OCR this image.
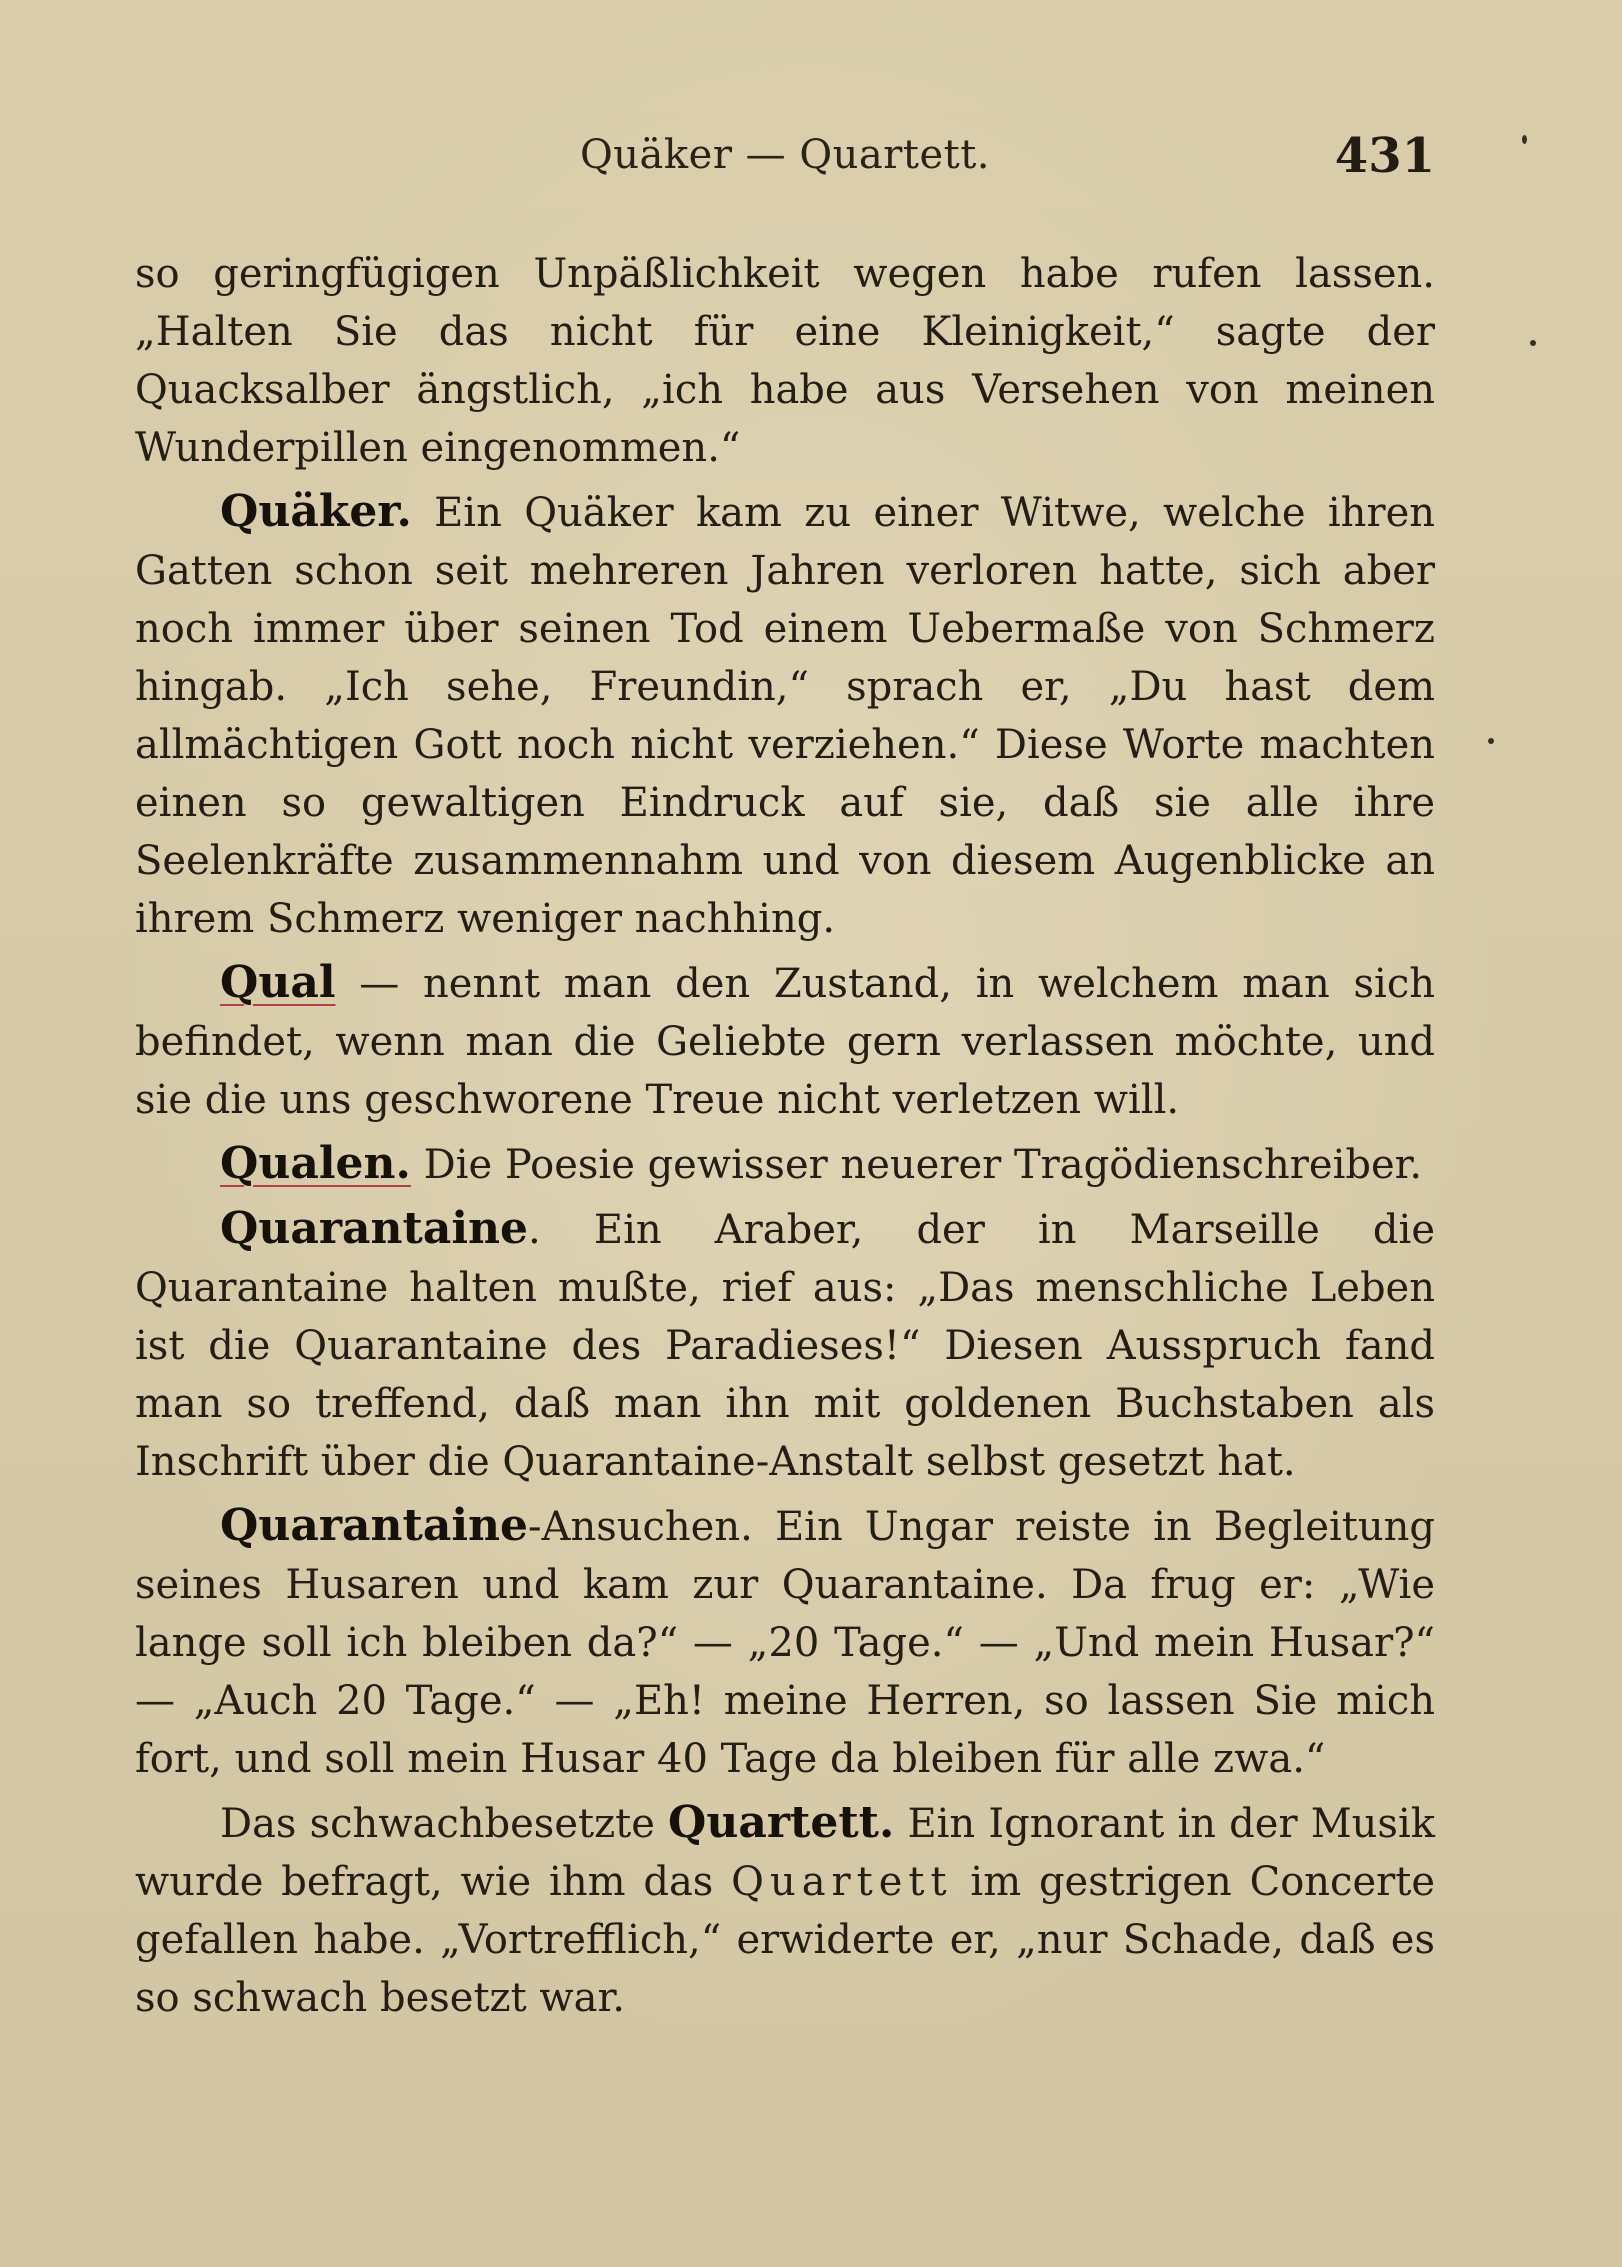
Quäker — Quartett.	431

so geringfügigen Unpäßlichkeit wegen habe rufen lassen. „Halten Sie das nicht für eine Kleinigkeit,“ sagte der Quacksalber ängstlich, „ich habe aus Versehen von meinen Wunderpillen eingenommen.“

Quäker. Ein Quäker kam zu einer Witwe, welche ihren Gatten schon seit mehreren Jahren verloren hatte, sich aber noch immer über seinen Tod einem Uebermaße von Schmerz hingab. „Ich sehe, Freundin,“ sprach er, „Du hast dem allmächtigen Gott noch nicht verziehen.“ Diese Worte machten einen so gewaltigen Eindruck auf sie, daß sie alle ihre Seelenkräfte zusammennahm und von diesem Augenblicke an ihrem Schmerz weniger nachhing.

Qual — nennt man den Zustand, in welchem man sich befindet, wenn man die Geliebte gern verlassen möchte, und sie die uns geschworene Treue nicht verletzen will.

Qualen. Die Poesie gewisser neuerer Tragödienschreiber.

Quarantaine. Ein Araber, der in Marseille die Quarantaine halten mußte, rief aus: „Das menschliche Leben ist die Quarantaine des Paradieses!“ Diesen Ausspruch fand man so treffend, daß man ihn mit goldenen Buchstaben als Inschrift über die Quarantaine-Anstalt selbst gesetzt hat.

Quarantaine-Ansuchen. Ein Ungar reiste in Begleitung seines Husaren und kam zur Quarantaine. Da frug er: „Wie lange soll ich bleiben da?“ — „20 Tage.“ — „Und mein Husar?“ — „Auch 20 Tage.“ — „Eh! meine Herren, so lassen Sie mich fort, und soll mein Husar 40 Tage da bleiben für alle zwa.“

Das schwachbesetzte Quartett. Ein Ignorant in der Musik wurde befragt, wie ihm das Quartett im gestrigen Concerte gefallen habe. „Vortrefflich,“ erwiderte er, „nur Schade, daß es so schwach besetzt war.
